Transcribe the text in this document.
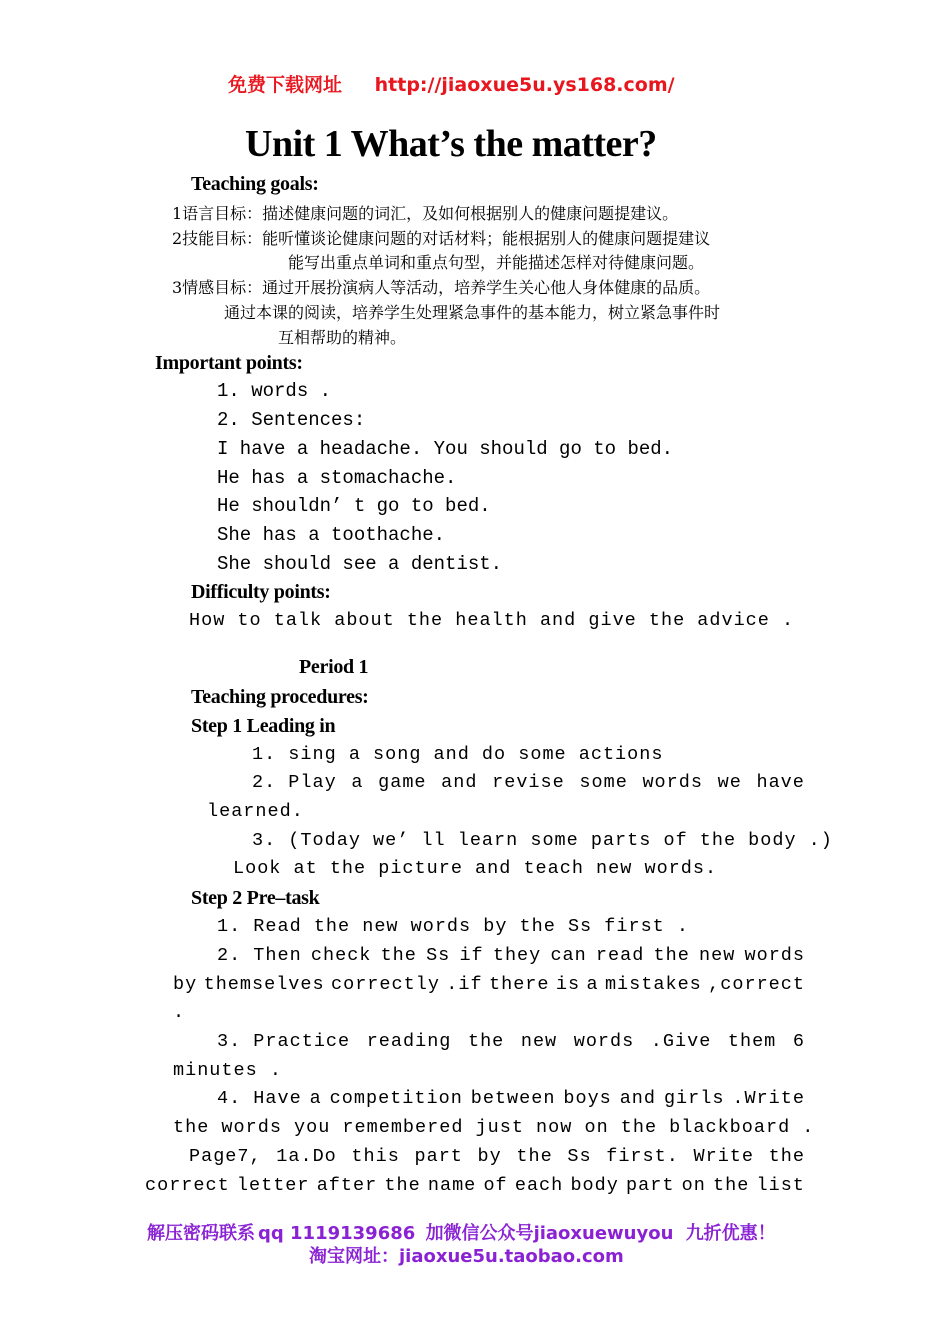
免费下载网址 http://jiaoxue5u.ys168.com/
Unit 1 What’s the matter?
Teaching goals:
1语言目标：描述健康问题的词汇，及如何根据别人的健康问题提建议。
2技能目标：能听懂谈论健康问题的对话材料；能根据别人的健康问题提建议
能写出重点单词和重点句型，并能描述怎样对待健康问题。
3情感目标：通过开展扮演病人等活动，培养学生关心他人身体健康的品质。
通过本课的阅读，培养学生处理紧急事件的基本能力，树立紧急事件时
互相帮助的精神。
Important points:
1. words .
2. Sentences:
I have a headache. You should go to bed.
He has a stomachache.
He shouldn’ t go to bed.
She has a toothache.
She should see a dentist.
Difficulty points:
How to talk about the health and give the advice .
Period 1
Teaching procedures:
Step 1 Leading in
1. sing a song and do some actions
2. Play a game and revise some words we have
learned.
3. (Today we’ ll learn some parts of the body .)
Look at the picture and teach new words.
Step 2 Pre–task
1. Read the new words by the Ss first .
2. Then check the Ss if they can read the new words
by themselves correctly .if there is a mistakes ,correct
.
3. Practice reading the new words .Give them 6
minutes .
4. Have a competition between boys and girls .Write
the words you remembered just now on the blackboard .
Page7, 1a.Do this part by the Ss first. Write the
correct letter after the name of each body part on the list
解压密码联系 qq 1119139686 加微信公众号jiaoxuewuyou 九折优惠！
淘宝网址：jiaoxue5u.taobao.com
